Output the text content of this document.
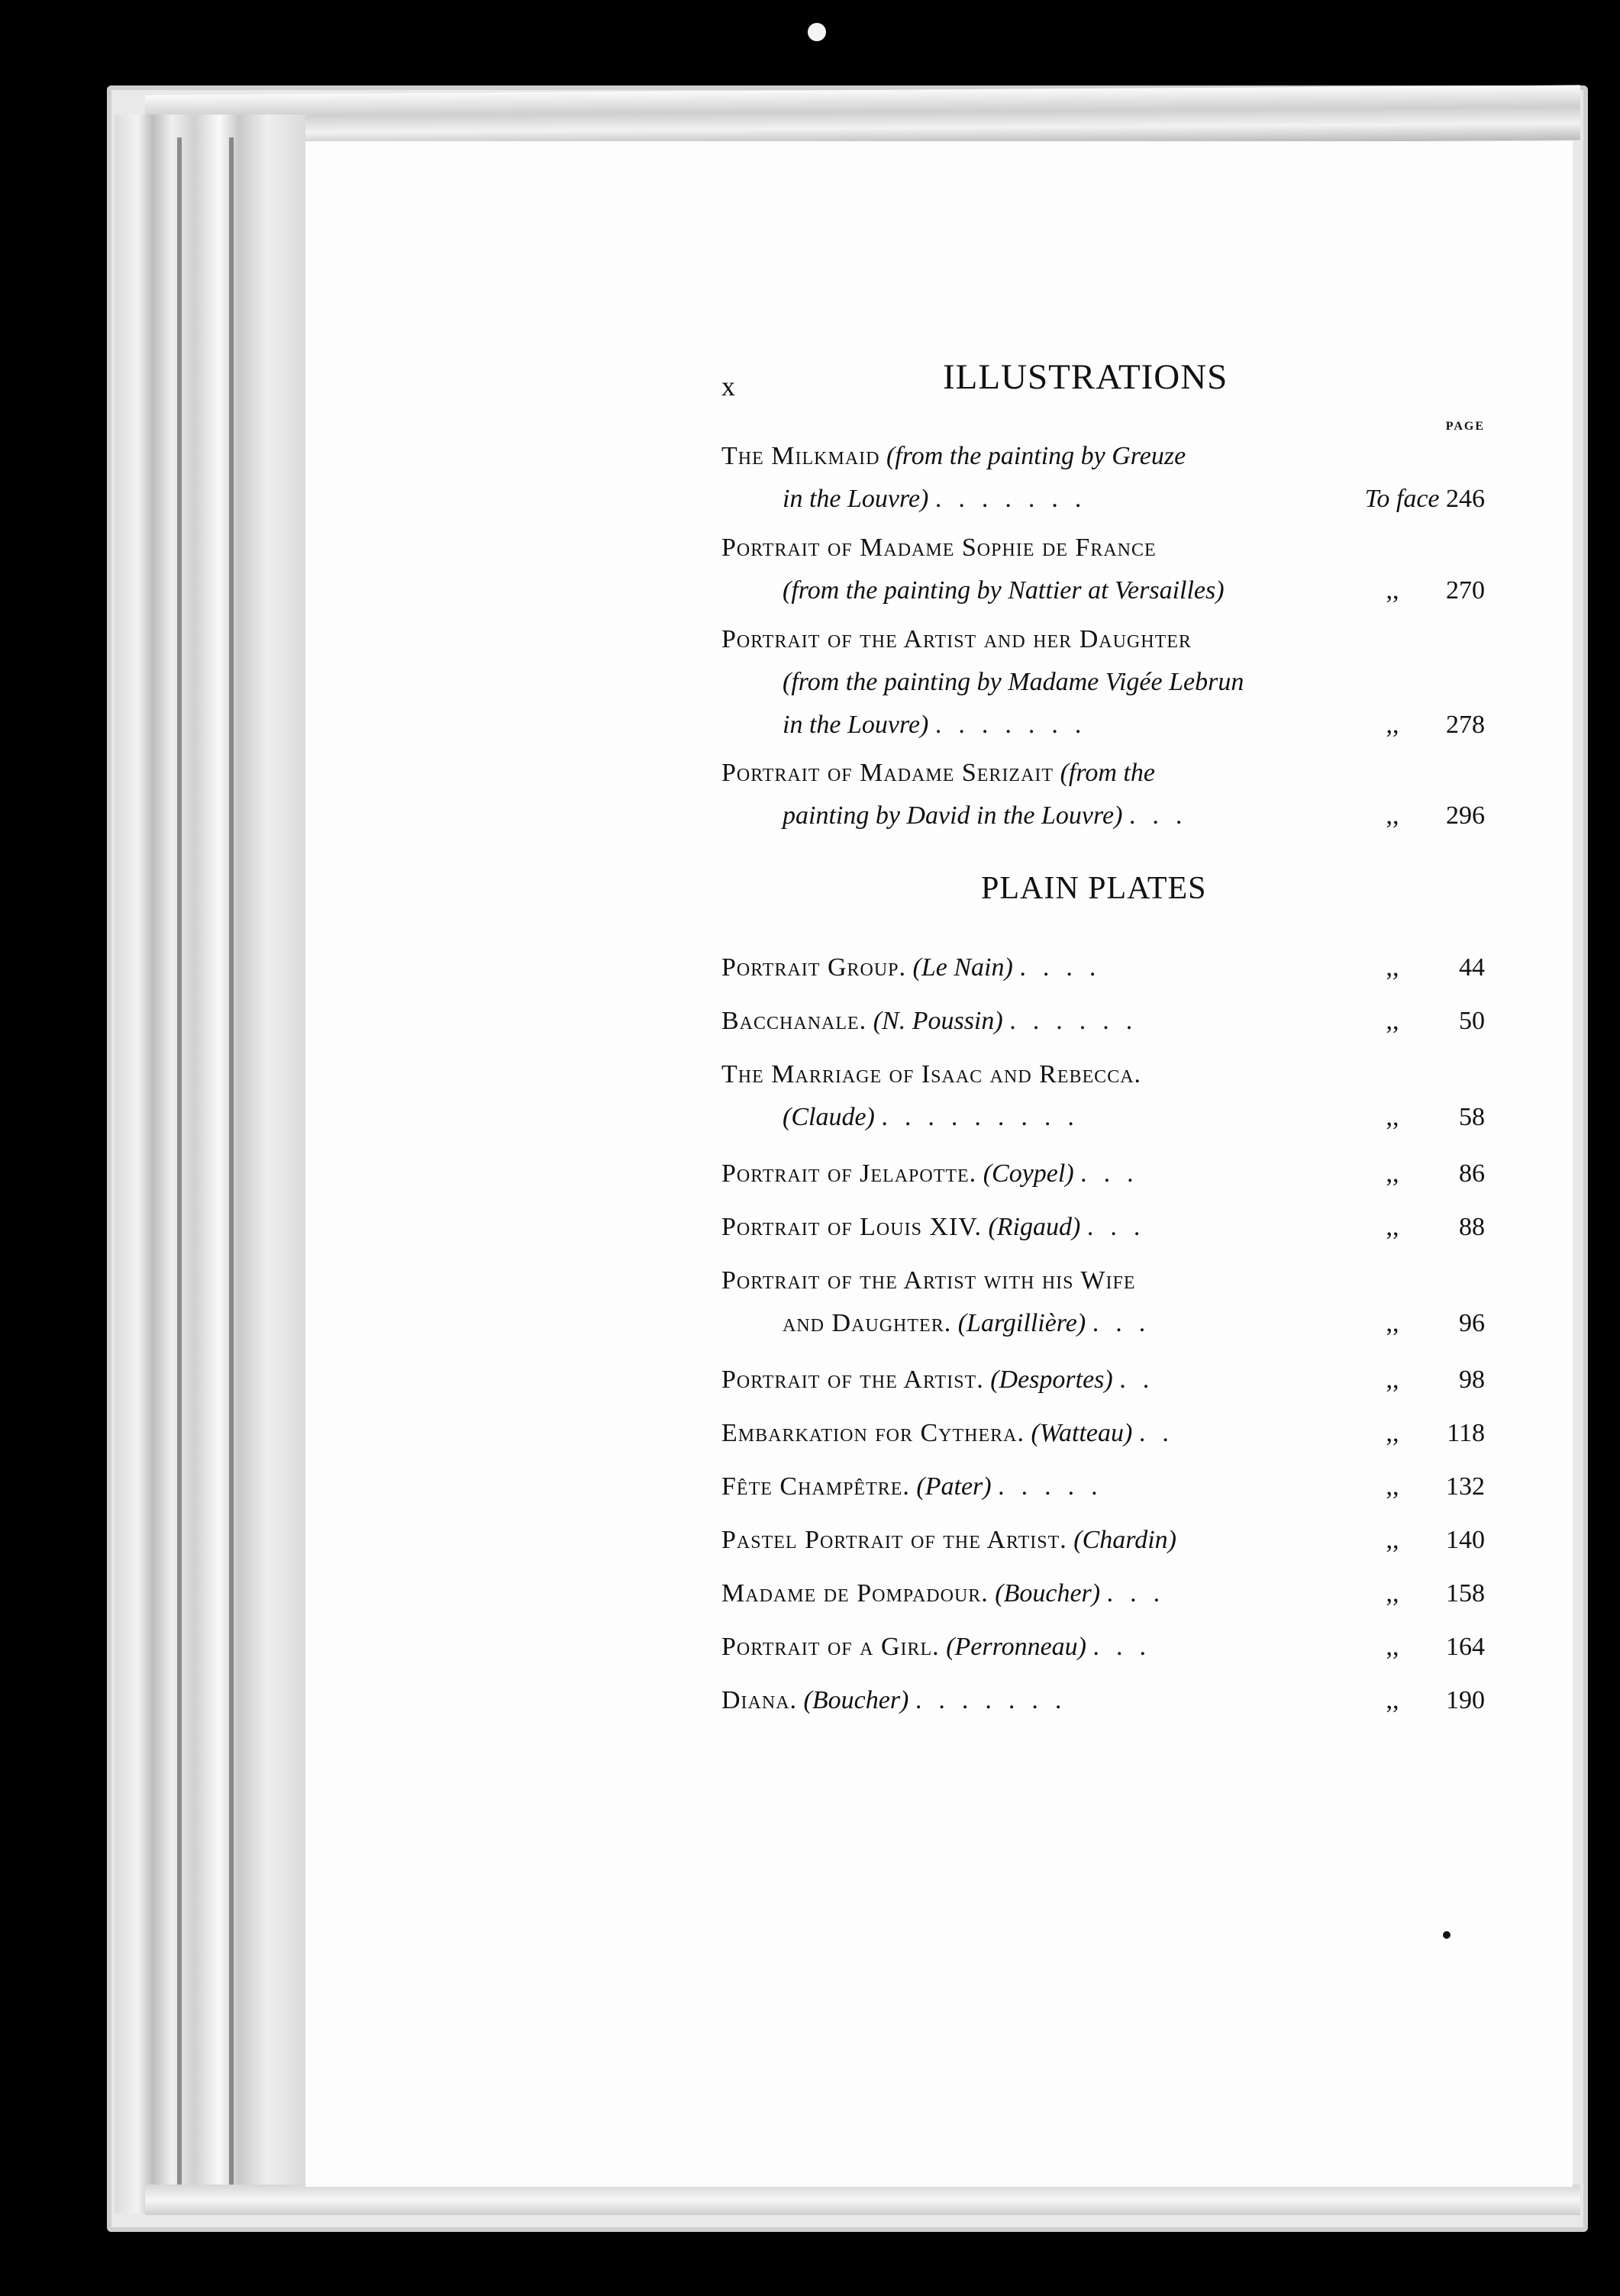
x	ILLUSTRATIONS
PAGE
The Milkmaid (from the painting by Greuze
in the Louvre) .......	To face 246
Portrait of Madame Sophie de France
(from the painting by Nattier at Versailles)	,, 270
Portrait of the Artist and her Daughter
(from the painting by Madame Vigée Lebrun
in the Louvre) .......	,, 278
Portrait of Madame Serizait (from the
painting by David in the Louvre) ...	,, 296
PLAIN PLATES
Portrait Group. (Le Nain) ....	,, 44
Bacchanale. (N. Poussin) ......	,, 50
The Marriage of Isaac and Rebecca.
(Claude) .........	,, 58
Portrait of Jelapotte. (Coypel) ...	,, 86
Portrait of Louis XIV. (Rigaud) ...	,, 88
Portrait of the Artist with his Wife
and Daughter. (Largillière) ...	,, 96
Portrait of the Artist. (Desportes) ..	,, 98
Embarkation for Cythera. (Watteau) ..	,, 118
Fête Champêtre. (Pater) .....	,, 132
Pastel Portrait of the Artist. (Chardin)	,, 140
Madame de Pompadour. (Boucher) ...	,, 158
Portrait of a Girl. (Perronneau) ...	,, 164
Diana. (Boucher) .......	,, 190
